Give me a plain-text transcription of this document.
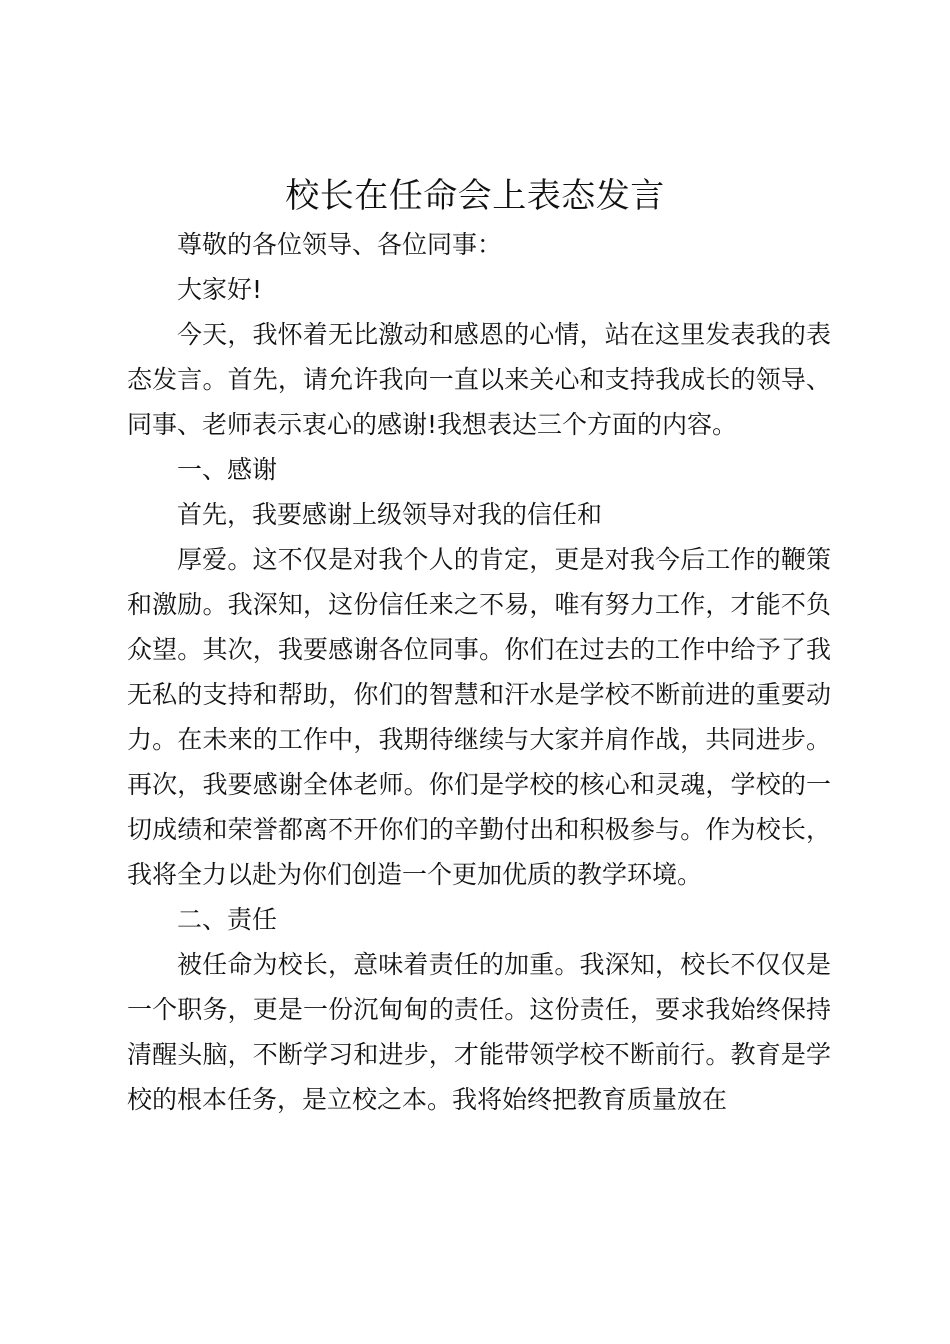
校长在任命会上表态发言

尊敬的各位领导、各位同事：

大家好!

今天，我怀着无比激动和感恩的心情，站在这里发表我的表态发言。首先，请允许我向一直以来关心和支持我成长的领导、同事、老师表示衷心的感谢!我想表达三个方面的内容。

一、感谢

首先，我要感谢上级领导对我的信任和

厚爱。这不仅是对我个人的肯定，更是对我今后工作的鞭策和激励。我深知，这份信任来之不易，唯有努力工作，才能不负众望。其次，我要感谢各位同事。你们在过去的工作中给予了我无私的支持和帮助，你们的智慧和汗水是学校不断前进的重要动力。在未来的工作中，我期待继续与大家并肩作战，共同进步。再次，我要感谢全体老师。你们是学校的核心和灵魂，学校的一切成绩和荣誉都离不开你们的辛勤付出和积极参与。作为校长，我将全力以赴为你们创造一个更加优质的教学环境。

二、责任

被任命为校长，意味着责任的加重。我深知，校长不仅仅是一个职务，更是一份沉甸甸的责任。这份责任，要求我始终保持清醒头脑，不断学习和进步，才能带领学校不断前行。教育是学校的根本任务，是立校之本。我将始终把教育质量放在
